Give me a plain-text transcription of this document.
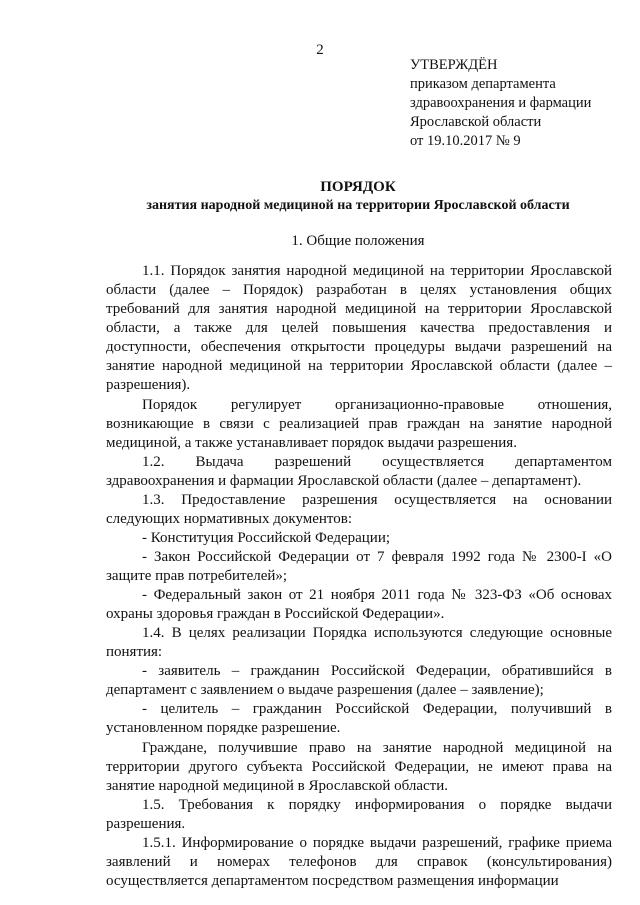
2
УТВЕРЖДЁН
приказом департамента
здравоохранения и фармации
Ярославской области
от 19.10.2017 № 9
ПОРЯДОК
занятия народной медициной на территории Ярославской области
1. Общие положения

1.1. Порядок занятия народной медициной на территории Ярославской области (далее – Порядок) разработан в целях установления общих требований для занятия народной медициной на территории Ярославской области, а также для целей повышения качества предоставления и доступности, обеспечения открытости процедуры выдачи разрешений на занятие народной медициной на территории Ярославской области (далее – разрешения).

Порядок регулирует организационно-правовые отношения, возникающие в связи с реализацией прав граждан на занятие народной медициной, а также устанавливает порядок выдачи разрешения.

1.2. Выдача разрешений осуществляется департаментом здравоохранения и фармации Ярославской области (далее – департамент).

1.3. Предоставление разрешения осуществляется на основании следующих нормативных документов:

- Конституция Российской Федерации;

- Закон Российской Федерации от 7 февраля 1992 года № 2300-I «О защите прав потребителей»;

- Федеральный закон от 21 ноября 2011 года № 323-ФЗ «Об основах охраны здоровья граждан в Российской Федерации».

1.4. В целях реализации Порядка используются следующие основные понятия:

- заявитель – гражданин Российской Федерации, обратившийся в департамент с заявлением о выдаче разрешения (далее – заявление);

- целитель – гражданин Российской Федерации, получивший в установленном порядке разрешение.

Граждане, получившие право на занятие народной медициной на территории другого субъекта Российской Федерации, не имеют права на занятие народной медициной в Ярославской области.

1.5. Требования к порядку информирования о порядке выдачи разрешения.

1.5.1. Информирование о порядке выдачи разрешений, графике приема заявлений и номерах телефонов для справок (консультирования) осуществляется департаментом посредством размещения информации
